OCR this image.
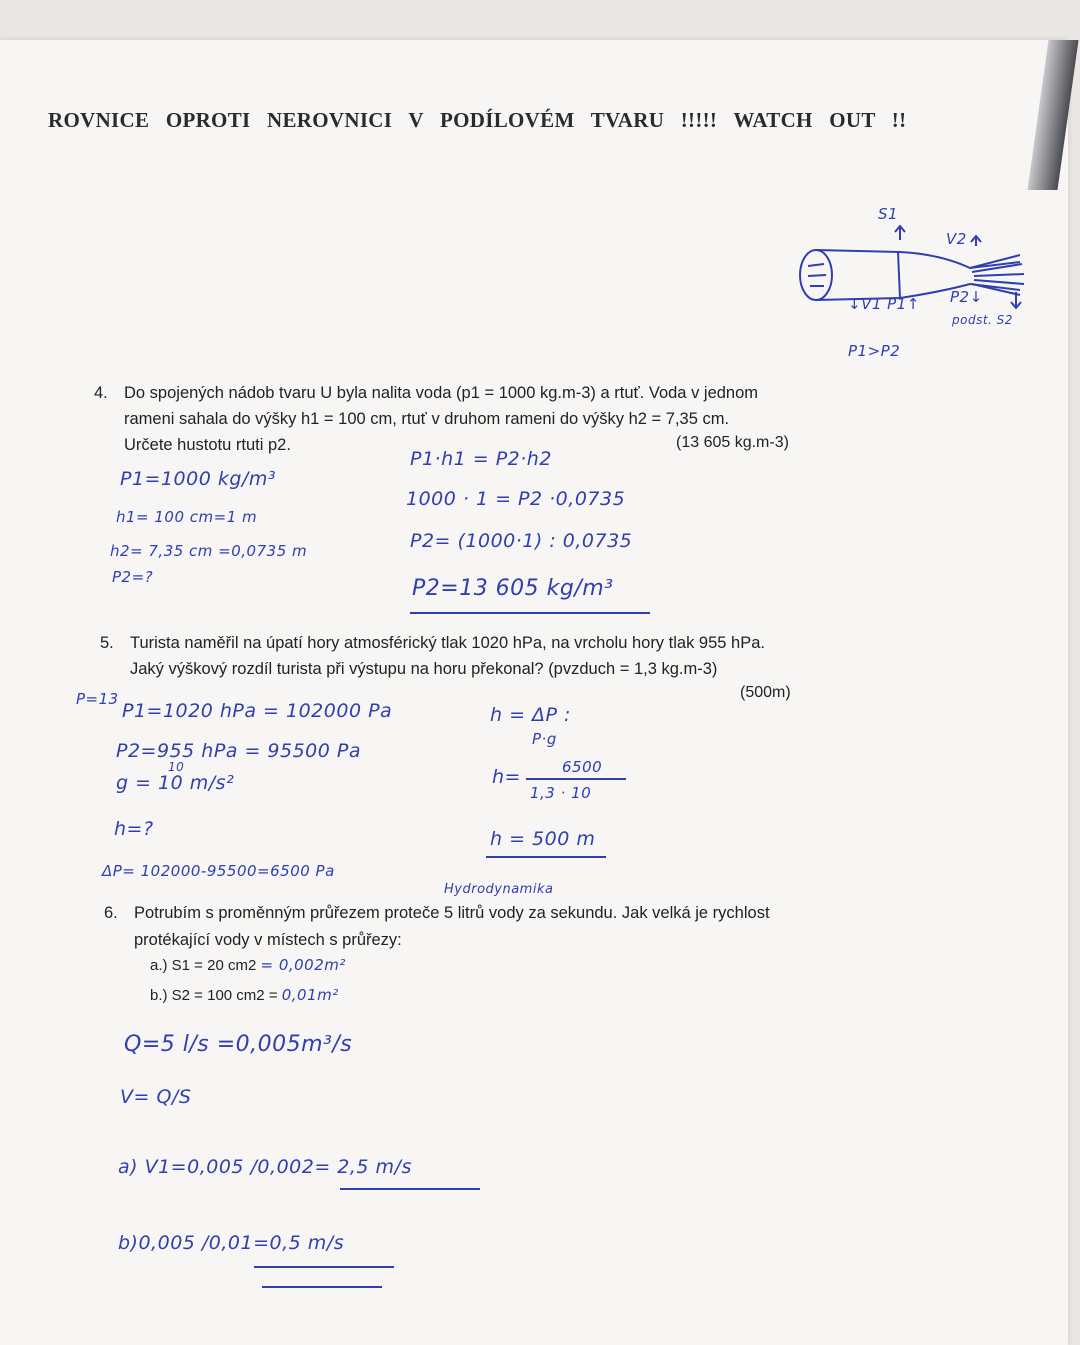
ROVNICE OPROTI NEROVNICI V PODÍLOVÉM TVARU !!!!! WATCH OUT !!
S1
V2
↓V1 P1↑ P2↓
podst. S2
P1>P2
4. Do spojených nádob tvaru U byla nalita voda (p1 = 1000 kg.m-3) a rtuť. Voda v jednom
rameni sahala do výšky h1 = 100 cm, rtuť v druhom rameni do výšky h2 = 7,35 cm.
Určete hustotu rtuti p2.	(13 605 kg.m-3)
P1=1000 kg/m³
h1= 100 cm=1 m
h2= 7,35 cm =0,0735 m
P2=?
P1·h1 = P2·h2
1000 · 1 = P2 ·0,0735
P2= (1000·1) : 0,0735
P2=13 605 kg/m³
5. Turista naměřil na úpatí hory atmosférický tlak 1020 hPa, na vrcholu hory tlak 955 hPa.
Jaký výškový rozdíl turista při výstupu na horu překonal? (pvzduch = 1,3 kg.m-3)
(500m)
P=13
P1=1020 hPa = 102000 Pa
P2=955 hPa = 95500 Pa
10
g = 10 m/s²
h=?
ΔP= 102000-95500=6500 Pa
h = ΔP :
P·g
6500
h=
1,3 · 10
h = 500 m
Hydrodynamika
6. Potrubím s proměnným průřezem proteče 5 litrů vody za sekundu. Jak velká je rychlost
protékající vody v místech s průřezy:
a.) S1 = 20 cm2 = 0,002m²
b.) S2 = 100 cm2 = 0,01m²
Q=5 l/s =0,005m³/s
V= Q/S
a) V1=0,005 /0,002= 2,5 m/s
b)0,005 /0,01=0,5 m/s
